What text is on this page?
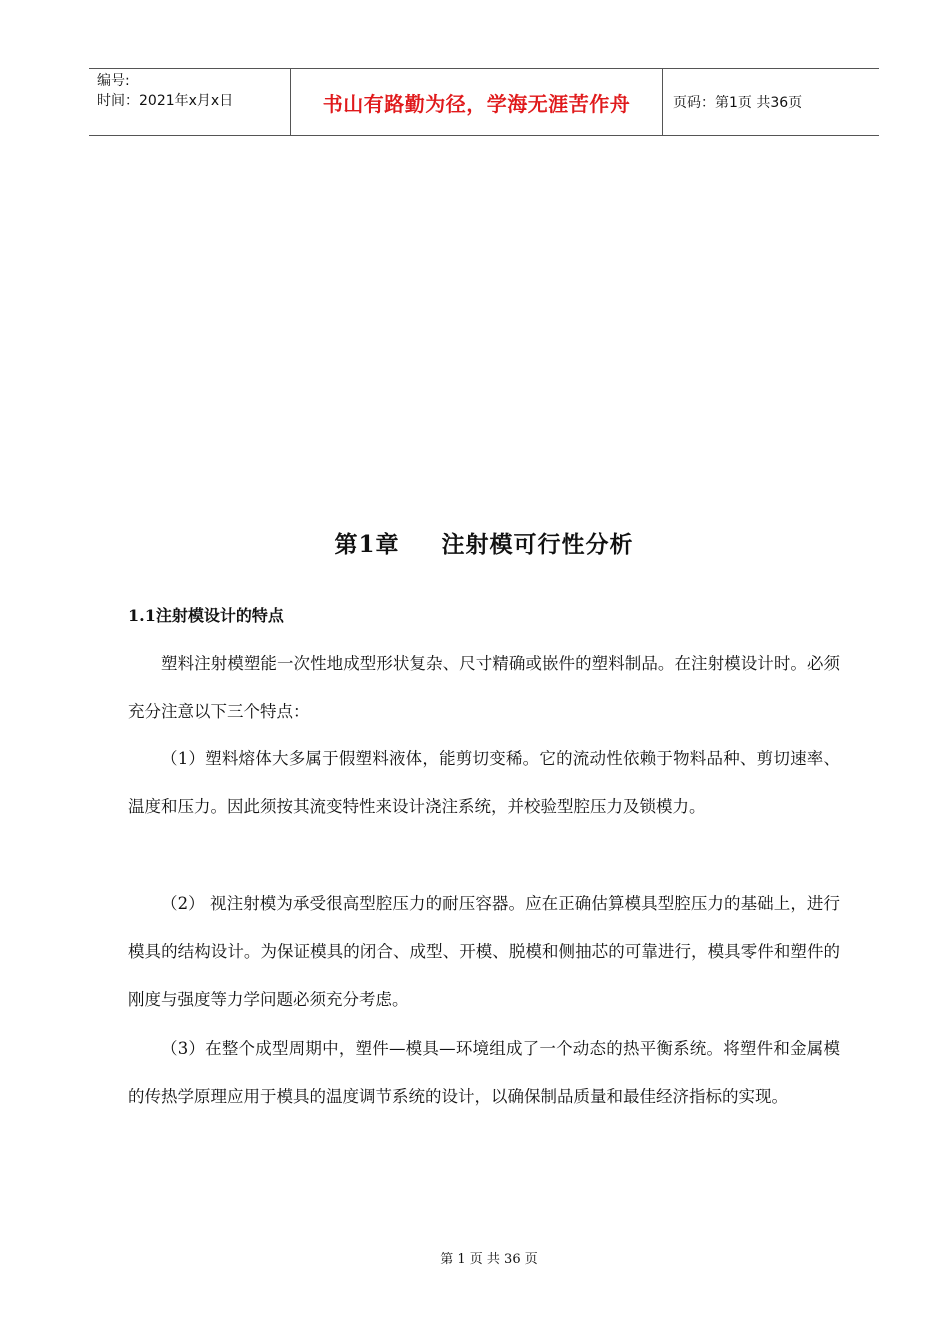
编号:
时间：2021年x月x日	书山有路勤为径，学海无涯苦作舟	页码：第1页 共36页
第1章 注射模可行性分析
1.1注射模设计的特点

塑料注射模塑能一次性地成型形状复杂、尺寸精确或嵌件的塑料制品。在注射模设计时。必须充分注意以下三个特点：

（1）塑料熔体大多属于假塑料液体，能剪切变稀。它的流动性依赖于物料品种、剪切速率、温度和压力。因此须按其流变特性来设计浇注系统，并校验型腔压力及锁模力。

（2） 视注射模为承受很高型腔压力的耐压容器。应在正确估算模具型腔压力的基础上，进行模具的结构设计。为保证模具的闭合、成型、开模、脱模和侧抽芯的可靠进行，模具零件和塑件的刚度与强度等力学问题必须充分考虑。

（3）在整个成型周期中，塑件—模具—环境组成了一个动态的热平衡系统。将塑件和金属模的传热学原理应用于模具的温度调节系统的设计，以确保制品质量和最佳经济指标的实现。

第 1 页 共 36 页
